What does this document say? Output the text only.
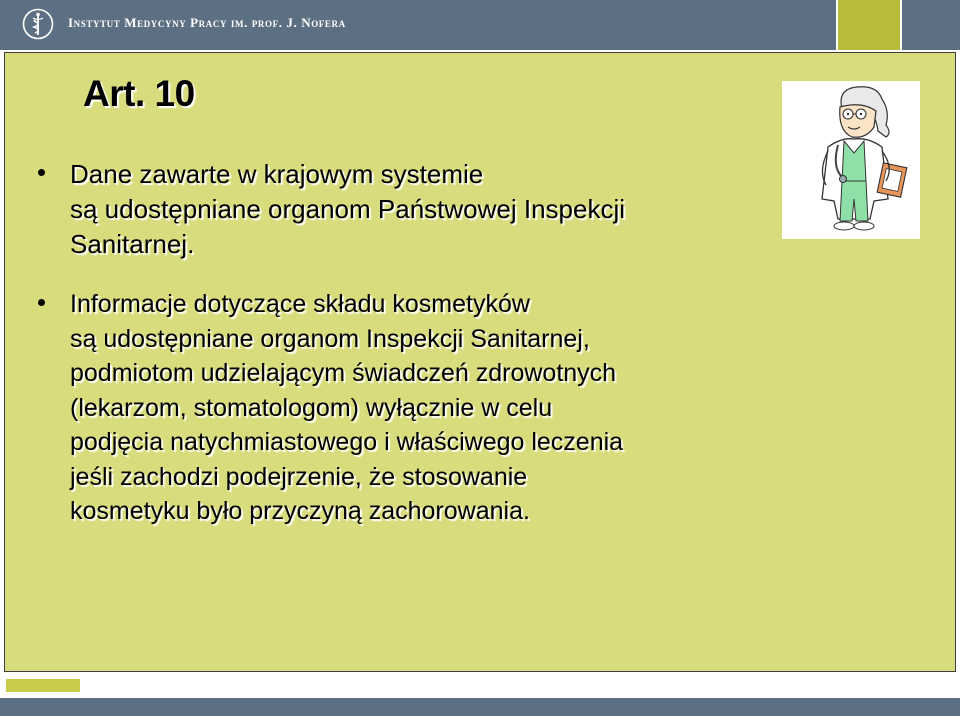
Instytut Medycyny Pracy im. prof. J. Nofera
Art. 10
Dane zawarte w krajowym systemie
są udostępniane organom Państwowej Inspekcji
Sanitarnej.
Informacje dotyczące składu kosmetyków
są udostępniane organom Inspekcji Sanitarnej,
podmiotom udzielającym świadczeń zdrowotnych
(lekarzom, stomatologom) wyłącznie w celu
podjęcia natychmiastowego i właściwego leczenia
jeśli zachodzi podejrzenie, że stosowanie
kosmetyku było przyczyną zachorowania.
